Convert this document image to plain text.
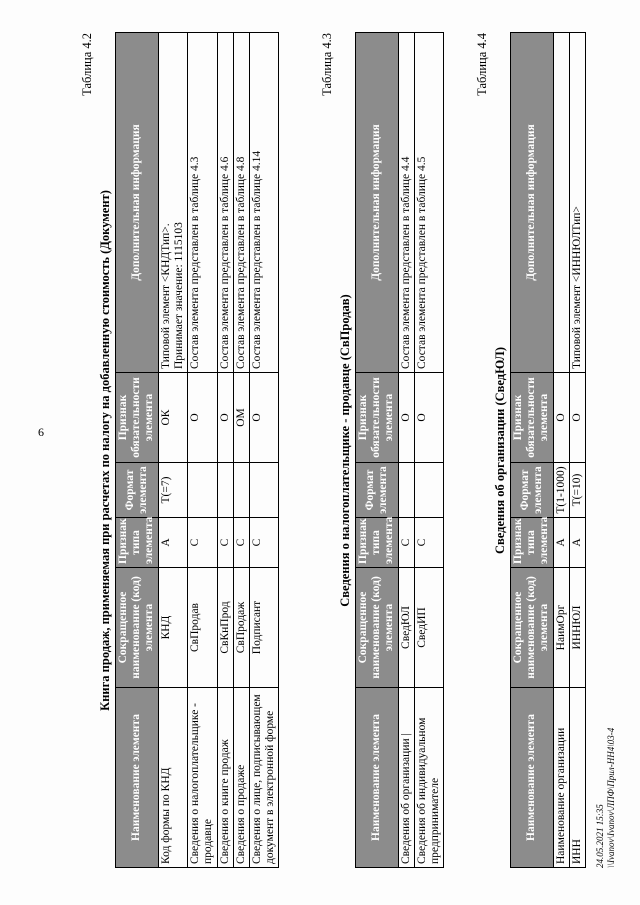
6
Таблица 4.2
Книга продаж, применяемая при расчетах по налогу на добавленную стоимость (Документ)
Наименование элемента	Сокращенное наименование (код) элемента	Признак типа элемента	Формат элемента	Признак обязательности элемента	Дополнительная информация
Код формы по КНД	КНД	А	T(=7)	ОК	Типовой элемент <КНДТип>.
Принимает значение: 1115103
Сведения о налогоплательщике - продавце	СвПродав	С		О	Состав элемента представлен в таблице 4.3
Сведения о книге продаж	СвКнПрод	С		О	Состав элемента представлен в таблице 4.6
Сведения о продаже	СвПродаж	С		ОМ	Состав элемента представлен в таблице 4.8
Сведения о лице, подписывающем документ в электронной форме	Подписант	С		О	Состав элемента представлен в таблице 4.14
Таблица 4.3
Сведения о налогоплательщике - продавце (СвПродав)
Наименование элемента	Сокращенное наименование (код) элемента	Признак типа элемента	Формат элемента	Признак обязательности элемента	Дополнительная информация
Сведения об организации |	СведЮЛ	С		О	Состав элемента представлен в таблице 4.4
Сведения об индивидуальном предпринимателе	СведИП	С		О	Состав элемента представлен в таблице 4.5
Таблица 4.4
Сведения об организации (СведЮЛ)
Наименование элемента	Сокращенное наименование (код) элемента	Признак типа элемента	Формат элемента	Признак обязательности элемента	Дополнительная информация
Наименование организации	НаимОрг	А	T(1-1000)	О	
ИНН	ИННЮЛ	А	T(=10)	О	Типовой элемент <ИННЮЛТип>
24.05.2021 15:35 \\Ivanov\Ivanov\ЛПФ\Прил-НН4\03-4
